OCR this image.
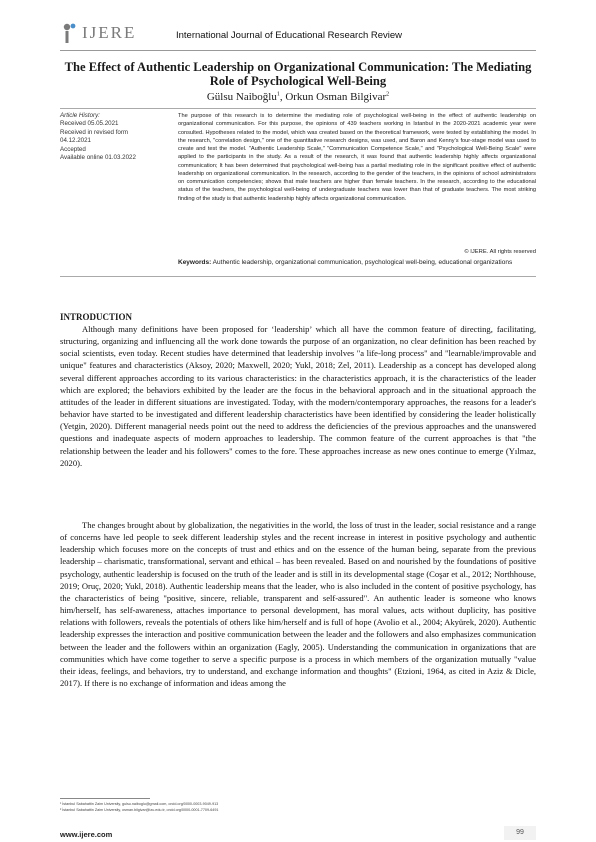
IJERE	International Journal of Educational Research Review
The Effect of Authentic Leadership on Organizational Communication: The Mediating Role of Psychological Well-Being
Gülsu Naiboğlu$^1$, Orkun Osman Bilgivar$^2$
Article History:
Received 05.05.2021
Received in revised form
04.12.2021
Accepted
Available online 01.03.2022
The purpose of this research is to determine the mediating role of psychological well-being in the effect of authentic leadership on organizational communication. For this purpose, the opinions of 439 teachers working in Istanbul in the 2020-2021 academic year were consulted. Hypotheses related to the model, which was created based on the theoretical framework, were tested by establishing the model. In the research, "correlation design," one of the quantitative research designs, was used, and Baron and Kenny's four-stage model was used to create and test the model. "Authentic Leadership Scale," "Communication Competence Scale," and "Psychological Well-Being Scale" were applied to the participants in the study. As a result of the research, it was found that authentic leadership highly affects organizational communication; It has been determined that psychological well-being has a partial mediating role in the significant positive effect of authentic leadership on organizational communication. In the research, according to the gender of the teachers, in the opinions of school administrators on communication competencies; shows that male teachers are higher than female teachers. In the research, according to the educational status of the teachers, the psychological well-being of undergraduate teachers was lower than that of graduate teachers. The most striking finding of the study is that authentic leadership highly affects organizational communication.
© IJERE. All rights reserved
Keywords: Authentic leadership, organizational communication, psychological well-being, educational organizations
INTRODUCTION

Although many definitions have been proposed for ‘leadership’ which all have the common feature of directing, facilitating, structuring, organizing and influencing all the work done towards the purpose of an organization, no clear definition has been reached by social scientists, even today. Recent studies have determined that leadership involves "a life-long process" and "learnable/improvable and unique" features and characteristics (Aksoy, 2020; Maxwell, 2020; Yukl, 2018; Zel, 2011). Leadership as a concept has developed along several different approaches according to its various characteristics: in the characteristics approach, it is the characteristics of the leader which are explored; the behaviors exhibited by the leader are the focus in the behavioral approach and in the situational approach the attitudes of the leader in different situations are investigated. Today, with the modern/contemporary approaches, the reasons for a leader's behavior have started to be investigated and different leadership characteristics have been identified by considering the leader holistically (Yetgin, 2020). Different managerial needs point out the need to address the deficiencies of the previous approaches and the unanswered questions and inadequate aspects of modern approaches to leadership. The common feature of the current approaches is that "the relationship between the leader and his followers" comes to the fore. These approaches increase as new ones continue to emerge (Yılmaz, 2020).

The changes brought about by globalization, the negativities in the world, the loss of trust in the leader, social resistance and a range of concerns have led people to seek different leadership styles and the recent increase in interest in positive psychology and authentic leadership which focuses more on the concepts of trust and ethics and on the essence of the human being, separate from the previous leadership – charismatic, transformational, servant and ethical – has been revealed. Based on and nourished by the foundations of positive psychology, authentic leadership is focused on the truth of the leader and is still in its developmental stage (Coşar et al., 2012; Northhouse, 2019; Oruç, 2020; Yukl, 2018). Authentic leadership means that the leader, who is also included in the content of positive psychology, has the characteristics of being "positive, sincere, reliable, transparent and self-assured". An authentic leader is someone who knows him/herself, has self-awareness, attaches importance to personal development, has moral values, acts without duplicity, has positive relations with followers, reveals the potentials of others like him/herself and is full of hope (Avolio et al., 2004; Akyürek, 2020). Authentic leadership expresses the interaction and positive communication between the leader and the followers and also emphasizes communication between the leader and the followers within an organization (Eagly, 2005). Understanding the communication in organizations that are communities which have come together to serve a specific purpose is a process in which members of the organization mutually "value their ideas, feelings, and behaviors, try to understand, and exchange information and thoughts" (Etzioni, 1964, as cited in Aziz & Dicle, 2017). If there is no exchange of information and ideas among the

¹ İstanbul Sabahattin Zaim University, gulsu.naiboglu@gmail.com, orcid.org/0000-0003-9049-913
² İstanbul Sabahattin Zaim University, osman.bilgivar@izu.edu.tr, orcid.org/0000-0001-7709-6491
www.ijere.com	99
